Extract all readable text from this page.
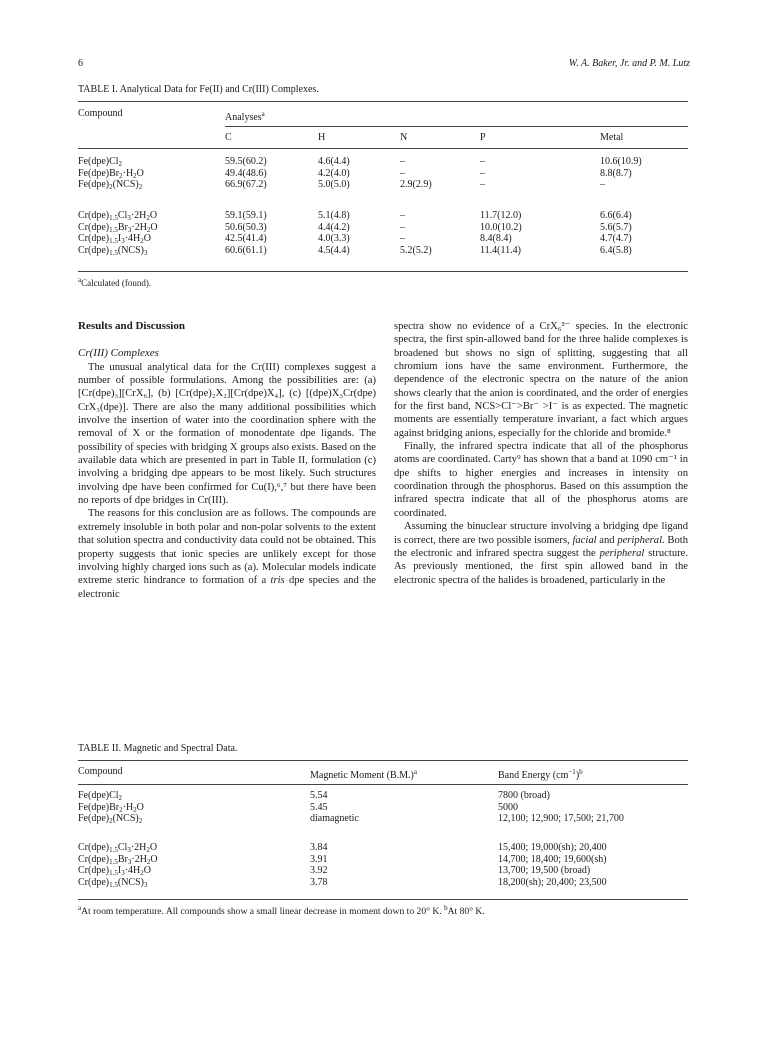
6	W. A. Baker, Jr. and P. M. Lutz
TABLE I. Analytical Data for Fe(II) and Cr(III) Complexes.
Compound	Analyses$^a$
C	H	N	P	Metal
$Fe(dpe)Cl_2$	59.5(60.2)	4.6(4.4)	–	–	10.6(10.9)
$Fe(dpe)Br_2\cdot H_2O$	49.4(48.6)	4.2(4.0)	–	–	8.8(8.7)
$Fe(dpe)_2(NCS)_2$	66.9(67.2)	5.0(5.0)	2.9(2.9)	–	–
$Cr(dpe)_{1.5}Cl_3\cdot 2H_2O$	59.1(59.1)	5.1(4.8)	–	11.7(12.0)	6.6(6.4)
$Cr(dpe)_{1.5}Br_3\cdot 2H_2O$	50.6(50.3)	4.4(4.2)	–	10.0(10.2)	5.6(5.7)
$Cr(dpe)_{1.5}I_3\cdot 4H_2O$	42.5(41.4)	4.0(3.3)	–	8.4(8.4)	4.7(4.7)
$Cr(dpe)_{1.5}(NCS)_3$	60.6(61.1)	4.5(4.4)	5.2(5.2)	11.4(11.4)	6.4(5.8)
$^a$Calculated (found).
Results and Discussion

Cr(III) Complexes

The unusual analytical data for the Cr(III) complexes suggest a number of possible formulations. Among the possibilities are: (a) [Cr(dpe)₃][CrX₆], (b) [Cr(dpe)₂X₂][Cr(dpe)X₄], (c) [(dpe)X₃Cr(dpe) CrX₃(dpe)]. There are also the many additional possibilities which involve the insertion of water into the coordination sphere with the removal of X or the formation of monodentate dpe ligands. The possibility of species with bridging X groups also exists. Based on the available data which are presented in part in Table II, formulation (c) involving a bridging dpe appears to be most likely. Such structures involving dpe have been confirmed for Cu(I),⁶,⁷ but there have been no reports of dpe bridges in Cr(III).

The reasons for this conclusion are as follows. The compounds are extremely insoluble in both polar and non-polar solvents to the extent that solution spectra and conductivity data could not be obtained. This property suggests that ionic species are unlikely except for those involving highly charged ions such as (a). Molecular models indicate extreme steric hindrance to formation of a tris dpe species and the electronic

spectra show no evidence of a CrX₆³⁻ species. In the electronic spectra, the first spin-allowed band for the three halide complexes is broadened but shows no sign of splitting, suggesting that all chromium ions have the same environment. Furthermore, the dependence of the electronic spectra on the nature of the anion shows clearly that the anion is coordinated, and the order of energies for the first band, NCS>Cl⁻>Br⁻ >I⁻ is as expected. The magnetic moments are essentially temperature invariant, a fact which argues against bridging anions, especially for the chloride and bromide.⁸

Finally, the infrared spectra indicate that all of the phosphorus atoms are coordinated. Carty⁹ has shown that a band at 1090 cm⁻¹ in dpe shifts to higher energies and increases in intensity on coordination through the phosphorus. Based on this assumption the infrared spectra indicate that all of the phosphorus atoms are coordinated.

Assuming the binuclear structure involving a bridging dpe ligand is correct, there are two possible isomers, facial and peripheral. Both the electronic and infrared spectra suggest the peripheral structure. As previously mentioned, the first spin allowed band in the electronic spectra of the halides is broadened, particularly in the

TABLE II. Magnetic and Spectral Data.
Compound	Magnetic Moment $(B.M.)^a$	Band Energy $(cm^{-1})^b$
$Fe(dpe)Cl_2$	5.54	7800 (broad)
$Fe(dpe)Br_2\cdot H_2O$	5.45	5000
$Fe(dpe)_2(NCS)_2$	diamagnetic	12,100; 12,900; 17,500; 21,700
$Cr(dpe)_{1.5}Cl_3\cdot 2H_2O$	3.84	15,400; 19,000(sh); 20,400
$Cr(dpe)_{1.5}Br_3\cdot 2H_2O$	3.91	14,700; 18,400; 19,600(sh)
$Cr(dpe)_{1.5}I_3\cdot 4H_2O$	3.92	13,700; 19,500 (broad)
$Cr(dpe)_{1.5}(NCS)_3$	3.78	18,200(sh); 20,400; 23,500
$^a$At room temperature. All compounds show a small linear decrease in moment down to 20° K. $^b$At 80° K.
